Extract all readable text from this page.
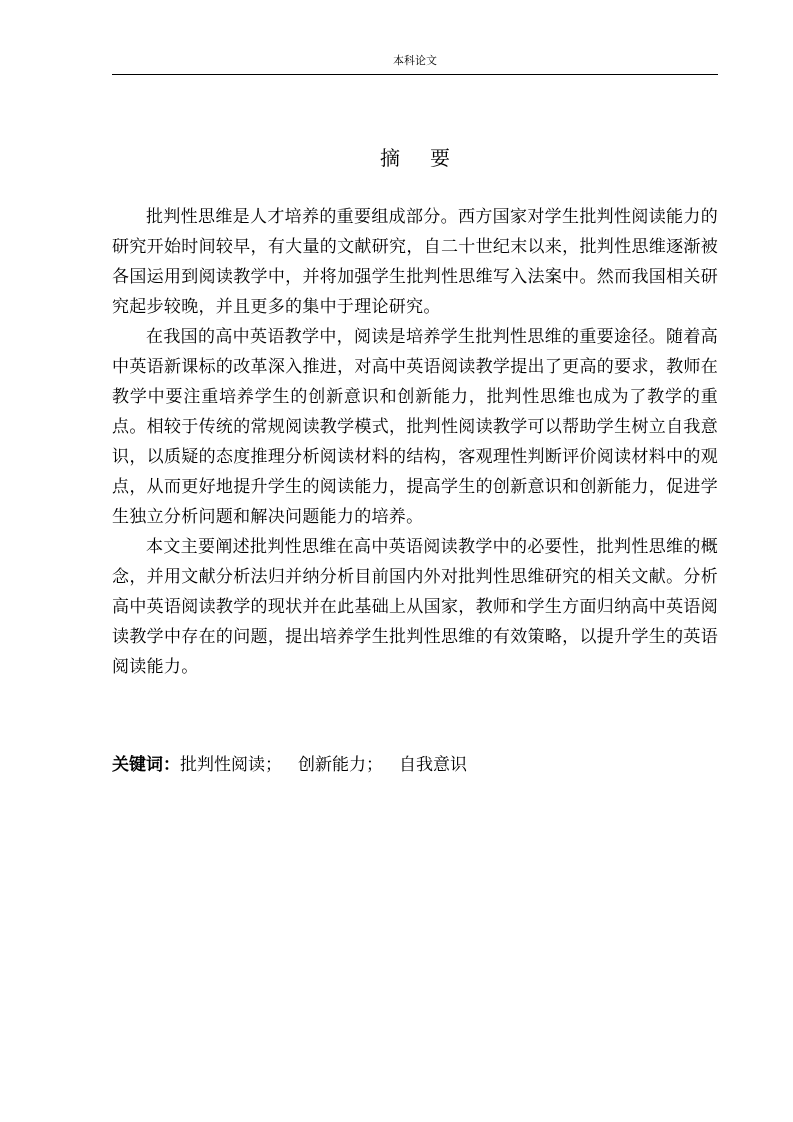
本科论文
摘要

批判性思维是人才培养的重要组成部分。西方国家对学生批判性阅读能力的研究开始时间较早，有大量的文献研究，自二十世纪末以来，批判性思维逐渐被各国运用到阅读教学中，并将加强学生批判性思维写入法案中。然而我国相关研究起步较晚，并且更多的集中于理论研究。

在我国的高中英语教学中，阅读是培养学生批判性思维的重要途径。随着高中英语新课标的改革深入推进，对高中英语阅读教学提出了更高的要求，教师在教学中要注重培养学生的创新意识和创新能力，批判性思维也成为了教学的重点。相较于传统的常规阅读教学模式，批判性阅读教学可以帮助学生树立自我意识，以质疑的态度推理分析阅读材料的结构，客观理性判断评价阅读材料中的观点，从而更好地提升学生的阅读能力，提高学生的创新意识和创新能力，促进学生独立分析问题和解决问题能力的培养。

本文主要阐述批判性思维在高中英语阅读教学中的必要性，批判性思维的概念，并用文献分析法归并纳分析目前国内外对批判性思维研究的相关文献。分析高中英语阅读教学的现状并在此基础上从国家，教师和学生方面归纳高中英语阅读教学中存在的问题，提出培养学生批判性思维的有效策略，以提升学生的英语阅读能力。

关键词：批判性阅读； 创新能力； 自我意识
